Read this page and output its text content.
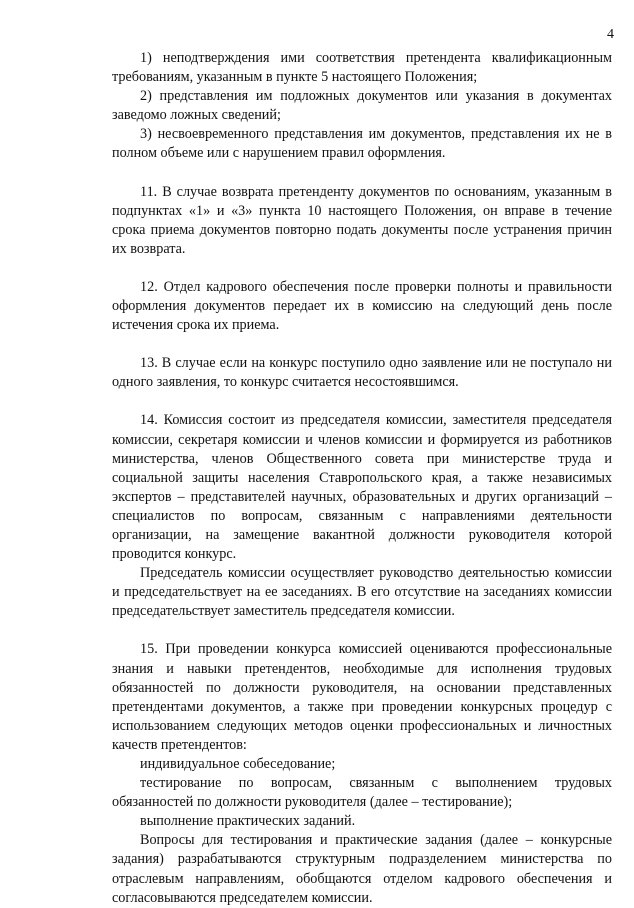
4

1) неподтверждения ими соответствия претендента квалификационным требованиям, указанным в пункте 5 настоящего Положения;

2) представления им подложных документов или указания в документах заведомо ложных сведений;

3) несвоевременного представления им документов, представления их не в полном объеме или с нарушением правил оформления.

11. В случае возврата претенденту документов по основаниям, указанным в подпунктах «1» и «3» пункта 10 настоящего Положения, он вправе в течение срока приема документов повторно подать документы после устранения причин их возврата.

12. Отдел кадрового обеспечения после проверки полноты и правильности оформления документов передает их в комиссию на следующий день после истечения срока их приема.

13. В случае если на конкурс поступило одно заявление или не поступало ни одного заявления, то конкурс считается несостоявшимся.

14. Комиссия состоит из председателя комиссии, заместителя председателя комиссии, секретаря комиссии и членов комиссии и формируется из работников министерства, членов Общественного совета при министерстве труда и социальной защиты населения Ставропольского края, а также независимых экспертов – представителей научных, образовательных и других организаций – специалистов по вопросам, связанным с направлениями деятельности организации, на замещение вакантной должности руководителя которой проводится конкурс.

Председатель комиссии осуществляет руководство деятельностью комиссии и председательствует на ее заседаниях. В его отсутствие на заседаниях комиссии председательствует заместитель председателя комиссии.

15. При проведении конкурса комиссией оцениваются профессиональные знания и навыки претендентов, необходимые для исполнения трудовых обязанностей по должности руководителя, на основании представленных претендентами документов, а также при проведении конкурсных процедур с использованием следующих методов оценки профессиональных и личностных качеств претендентов:

индивидуальное собеседование;

тестирование по вопросам, связанным с выполнением трудовых обязанностей по должности руководителя (далее – тестирование);

выполнение практических заданий.

Вопросы для тестирования и практические задания (далее – конкурсные задания) разрабатываются структурным подразделением министерства по отраслевым направлениям, обобщаются отделом кадрового обеспечения и согласовываются председателем комиссии.
